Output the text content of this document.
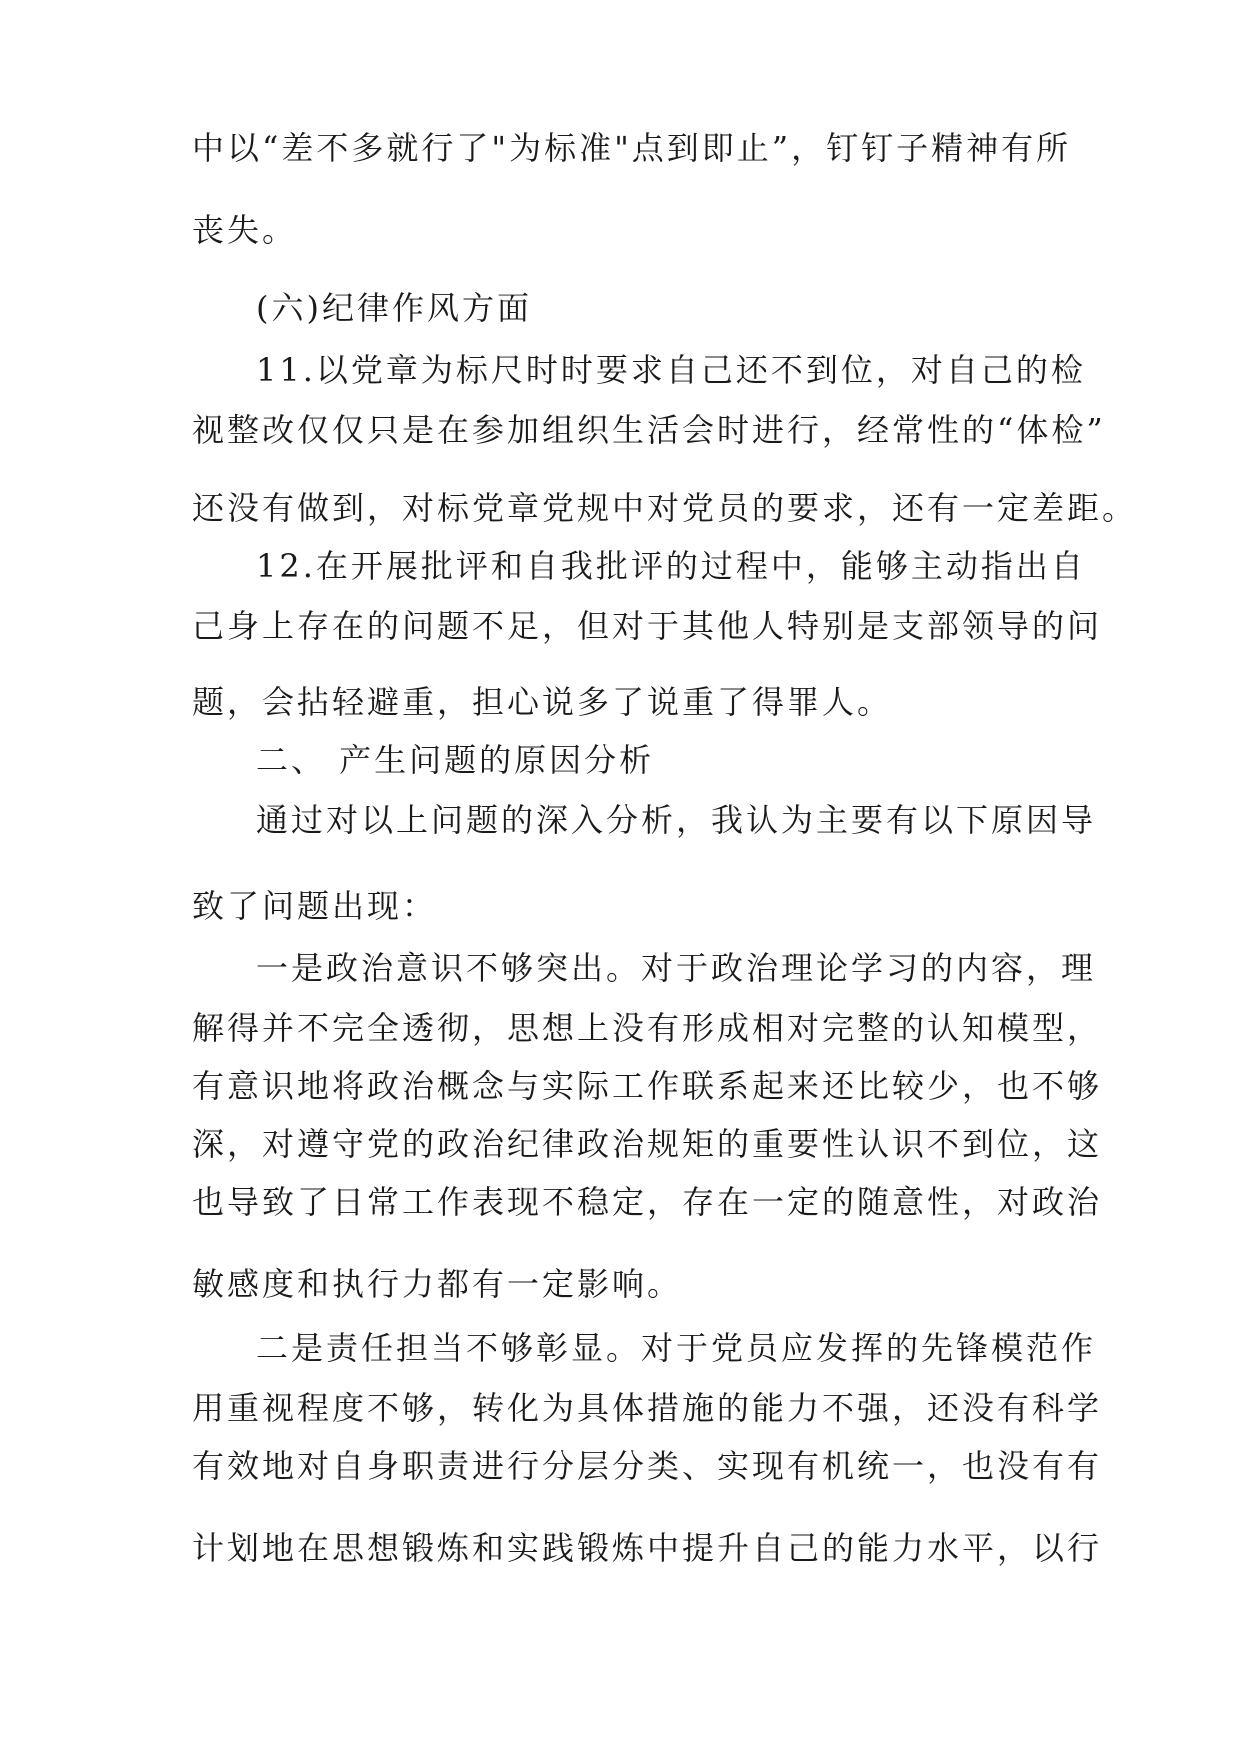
中以“差不多就行了"为标准"点到即止”，钉钉子精神有所
丧失。
(六)纪律作风方面
11.以党章为标尺时时要求自己还不到位，对自己的检
视整改仅仅只是在参加组织生活会时进行，经常性的“体检”
还没有做到，对标党章党规中对党员的要求，还有一定差距。
12.在开展批评和自我批评的过程中，能够主动指出自
己身上存在的问题不足，但对于其他人特别是支部领导的问
题，会拈轻避重，担心说多了说重了得罪人。
二、 产生问题的原因分析
通过对以上问题的深入分析，我认为主要有以下原因导
致了问题出现：
一是政治意识不够突出。对于政治理论学习的内容，理
解得并不完全透彻，思想上没有形成相对完整的认知模型，
有意识地将政治概念与实际工作联系起来还比较少，也不够
深，对遵守党的政治纪律政治规矩的重要性认识不到位，这
也导致了日常工作表现不稳定，存在一定的随意性，对政治
敏感度和执行力都有一定影响。
二是责任担当不够彰显。对于党员应发挥的先锋模范作
用重视程度不够，转化为具体措施的能力不强，还没有科学
有效地对自身职责进行分层分类、实现有机统一，也没有有
计划地在思想锻炼和实践锻炼中提升自己的能力水平，以行
